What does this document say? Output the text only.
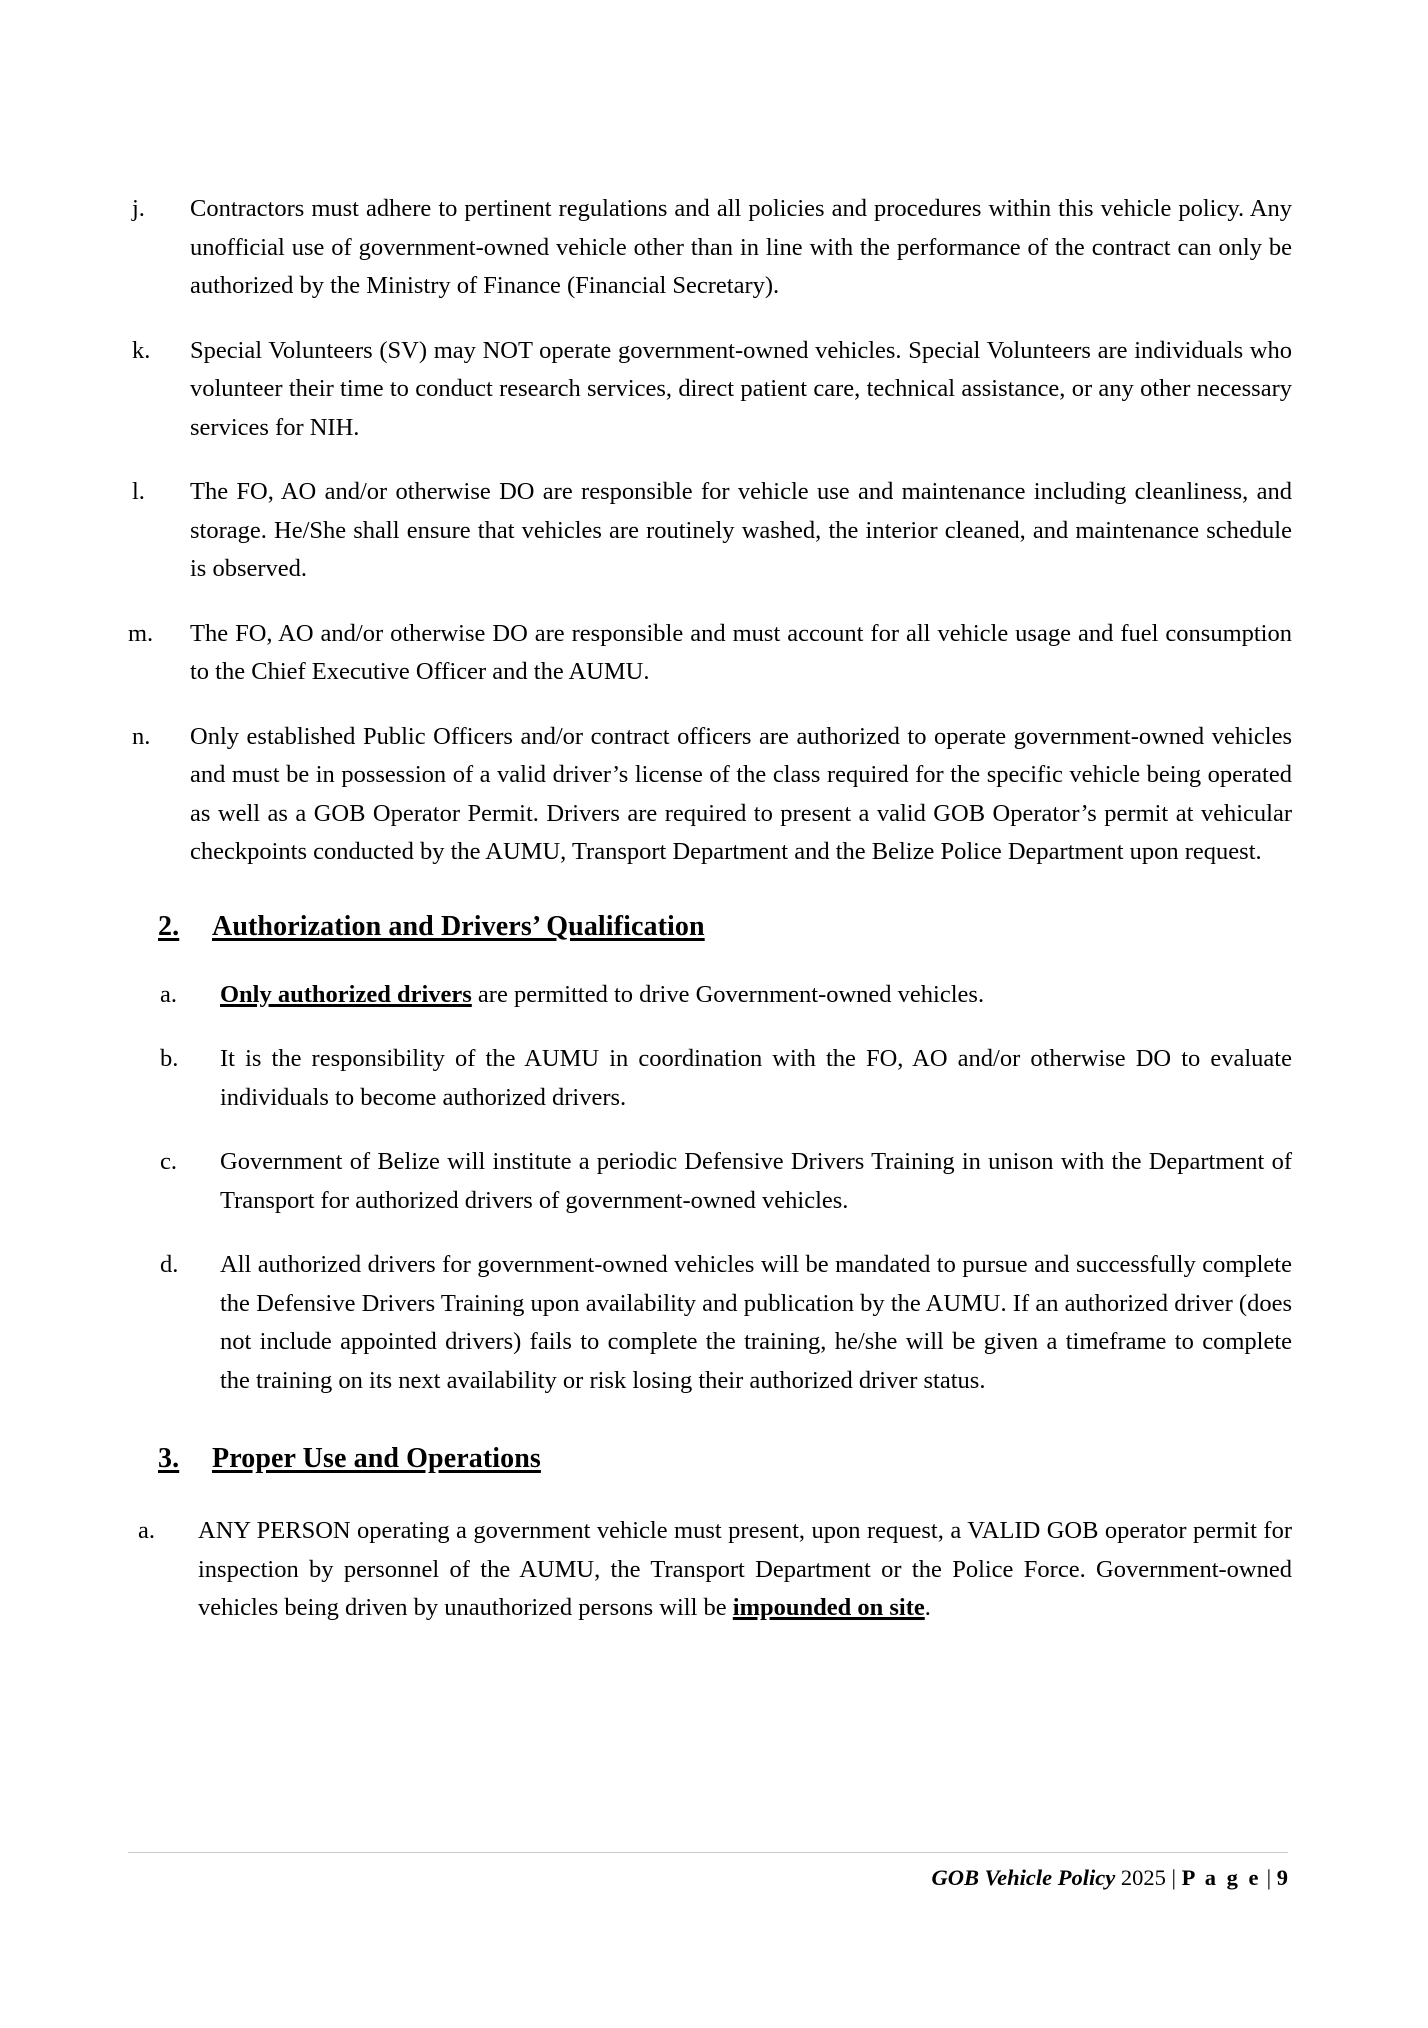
j.	Contractors must adhere to pertinent regulations and all policies and procedures within this vehicle policy. Any unofficial use of government-owned vehicle other than in line with the performance of the contract can only be authorized by the Ministry of Finance (Financial Secretary).
k.	Special Volunteers (SV) may NOT operate government-owned vehicles. Special Volunteers are individuals who volunteer their time to conduct research services, direct patient care, technical assistance, or any other necessary services for NIH.
l.	The FO, AO and/or otherwise DO are responsible for vehicle use and maintenance including cleanliness, and storage. He/She shall ensure that vehicles are routinely washed, the interior cleaned, and maintenance schedule is observed.
m.	The FO, AO and/or otherwise DO are responsible and must account for all vehicle usage and fuel consumption to the Chief Executive Officer and the AUMU.
n.	Only established Public Officers and/or contract officers are authorized to operate government-owned vehicles and must be in possession of a valid driver’s license of the class required for the specific vehicle being operated as well as a GOB Operator Permit. Drivers are required to present a valid GOB Operator’s permit at vehicular checkpoints conducted by the AUMU, Transport Department and the Belize Police Department upon request.
2. Authorization and Drivers’ Qualification
a.	Only authorized drivers are permitted to drive Government-owned vehicles.
b.	It is the responsibility of the AUMU in coordination with the FO, AO and/or otherwise DO to evaluate individuals to become authorized drivers.
c.	Government of Belize will institute a periodic Defensive Drivers Training in unison with the Department of Transport for authorized drivers of government-owned vehicles.
d.	All authorized drivers for government-owned vehicles will be mandated to pursue and successfully complete the Defensive Drivers Training upon availability and publication by the AUMU. If an authorized driver (does not include appointed drivers) fails to complete the training, he/she will be given a timeframe to complete the training on its next availability or risk losing their authorized driver status.
3. Proper Use and Operations
a.	ANY PERSON operating a government vehicle must present, upon request, a VALID GOB operator permit for inspection by personnel of the AUMU, the Transport Department or the Police Force. Government-owned vehicles being driven by unauthorized persons will be impounded on site.
GOB Vehicle Policy 2025 | P a g e | 9
